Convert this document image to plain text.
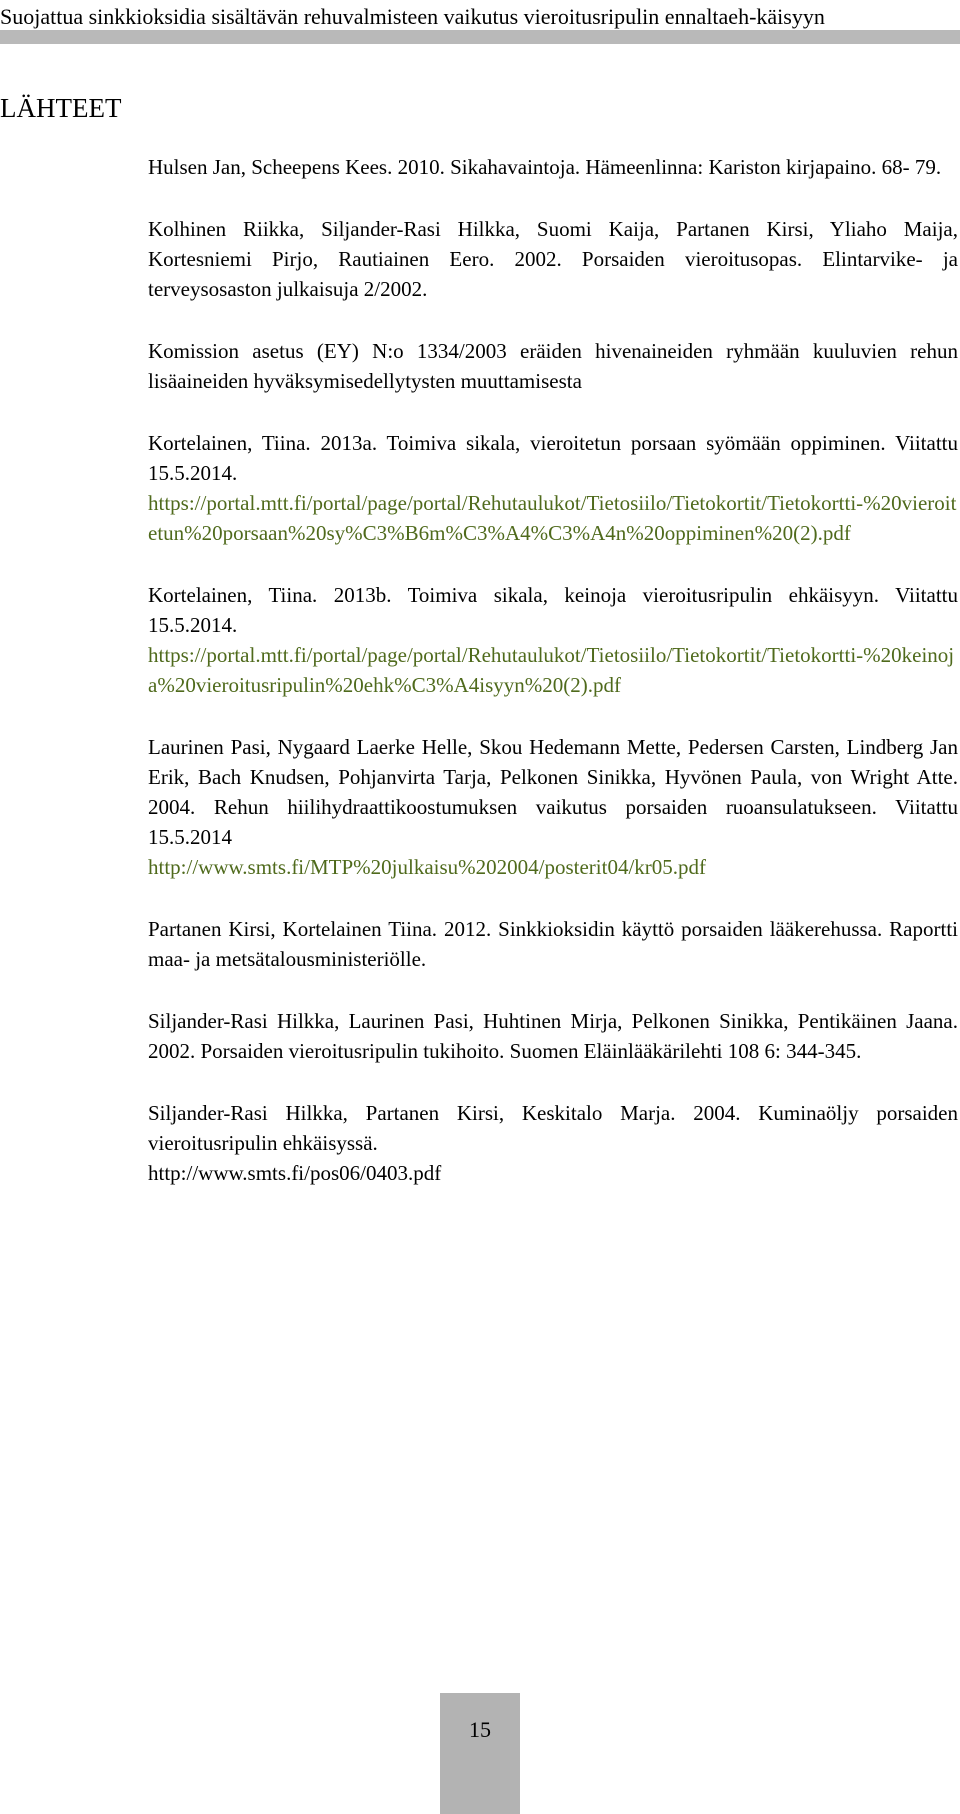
Suojattua sinkkioksidia sisältävän rehuvalmisteen vaikutus vieroitusripulin ennaltaeh-käisyyn
LÄHTEET

Hulsen Jan, Scheepens Kees. 2010. Sikahavaintoja. Hämeenlinna: Kariston kirjapaino. 68- 79.

Kolhinen Riikka, Siljander-Rasi Hilkka, Suomi Kaija, Partanen Kirsi, Yliaho Maija, Kortesniemi Pirjo, Rautiainen Eero. 2002. Porsaiden vieroitusopas. Elintarvike- ja terveysosaston julkaisuja 2/2002.

Komission asetus (EY) N:o 1334/2003 eräiden hivenaineiden ryhmään kuuluvien rehun lisäaineiden hyväksymisedellytysten muuttamisesta

Kortelainen, Tiina. 2013a. Toimiva sikala, vieroitetun porsaan syömään oppiminen. Viitattu 15.5.2014.

https://portal.mtt.fi/portal/page/portal/Rehutaulukot/Tietosiilo/Tietokortit/Tietokortti-%20vieroitetun%20porsaan%20sy%C3%B6m%C3%A4%C3%A4n%20oppiminen%20(2).pdf

Kortelainen, Tiina. 2013b. Toimiva sikala, keinoja vieroitusripulin ehkäisyyn. Viitattu 15.5.2014.

https://portal.mtt.fi/portal/page/portal/Rehutaulukot/Tietosiilo/Tietokortit/Tietokortti-%20keinoja%20vieroitusripulin%20ehk%C3%A4isyyn%20(2).pdf

Laurinen Pasi, Nygaard Laerke Helle, Skou Hedemann Mette, Pedersen Carsten, Lindberg Jan Erik, Bach Knudsen, Pohjanvirta Tarja, Pelkonen Sinikka, Hyvönen Paula, von Wright Atte. 2004. Rehun hiilihydraattikoostumuksen vaikutus porsaiden ruoansulatukseen. Viitattu 15.5.2014

http://www.smts.fi/MTP%20julkaisu%202004/posterit04/kr05.pdf

Partanen Kirsi, Kortelainen Tiina. 2012. Sinkkioksidin käyttö porsaiden lääkerehussa. Raportti maa- ja metsätalousministeriölle.

Siljander-Rasi Hilkka, Laurinen Pasi, Huhtinen Mirja, Pelkonen Sinikka, Pentikäinen Jaana. 2002. Porsaiden vieroitusripulin tukihoito. Suomen Eläinlääkärilehti 108 6: 344-345.

Siljander-Rasi Hilkka, Partanen Kirsi, Keskitalo Marja. 2004. Kuminaöljy porsaiden vieroitusripulin ehkäisyssä.

http://www.smts.fi/pos06/0403.pdf

15
